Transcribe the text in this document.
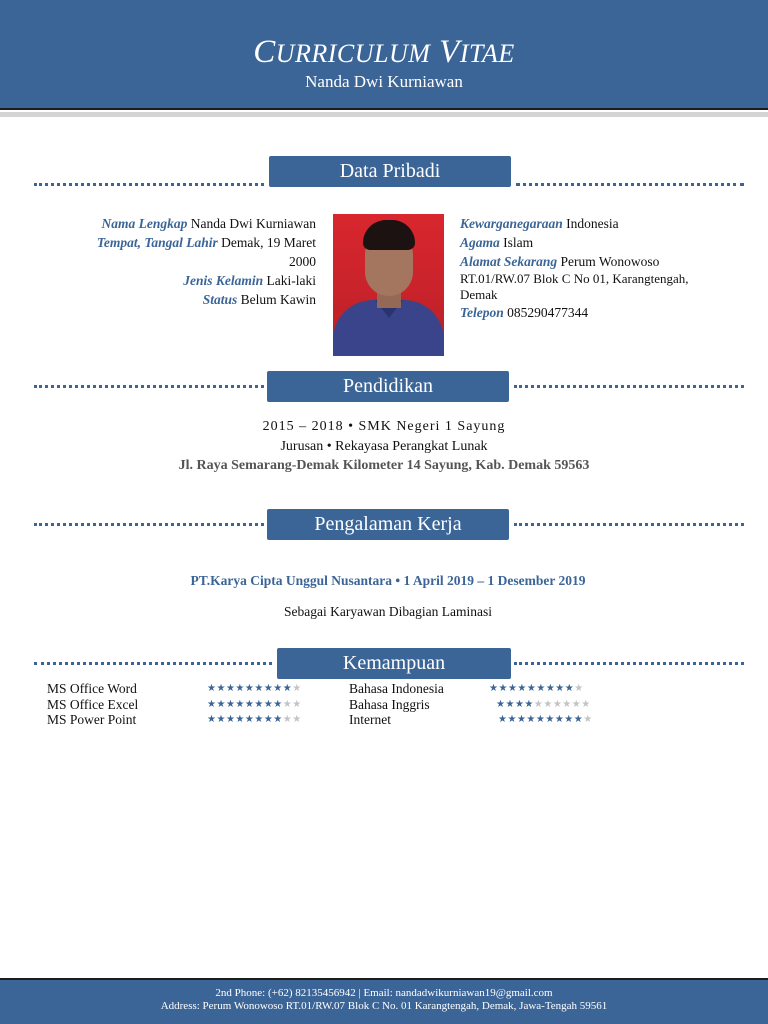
CURRICULUM VITAE
Nanda Dwi Kurniawan
Data Pribadi
Nama Lengkap Nanda Dwi Kurniawan
Tempat, Tangal Lahir Demak, 19 Maret
2000
Jenis Kelamin Laki-laki
Status Belum Kawin
Kewarganegaraan Indonesia
Agama Islam
Alamat Sekarang Perum Wonowoso
RT.01/RW.07 Blok C No 01, Karangtengah,
Demak
Telepon 085290477344
Pendidikan
2015 – 2018 • SMK Negeri 1 Sayung
Jurusan • Rekayasa Perangkat Lunak
Jl. Raya Semarang-Demak Kilometer 14 Sayung, Kab. Demak 59563
Pengalaman Kerja
PT.Karya Cipta Unggul Nusantara • 1 April 2019 – 1 Desember 2019
Sebagai Karyawan Dibagian Laminasi
Kemampuan
MS Office Word	★★★★★★★★★★
MS Office Excel	★★★★★★★★★★
MS Power Point	★★★★★★★★★★
Bahasa Indonesia	★★★★★★★★★★
Bahasa Inggris	★★★★★★★★★★
Internet	★★★★★★★★★★
2nd Phone: (+62) 82135456942 | Email: nandadwikurniawan19@gmail.com
Address: Perum Wonowoso RT.01/RW.07 Blok C No. 01 Karangtengah, Demak, Jawa-Tengah 59561
